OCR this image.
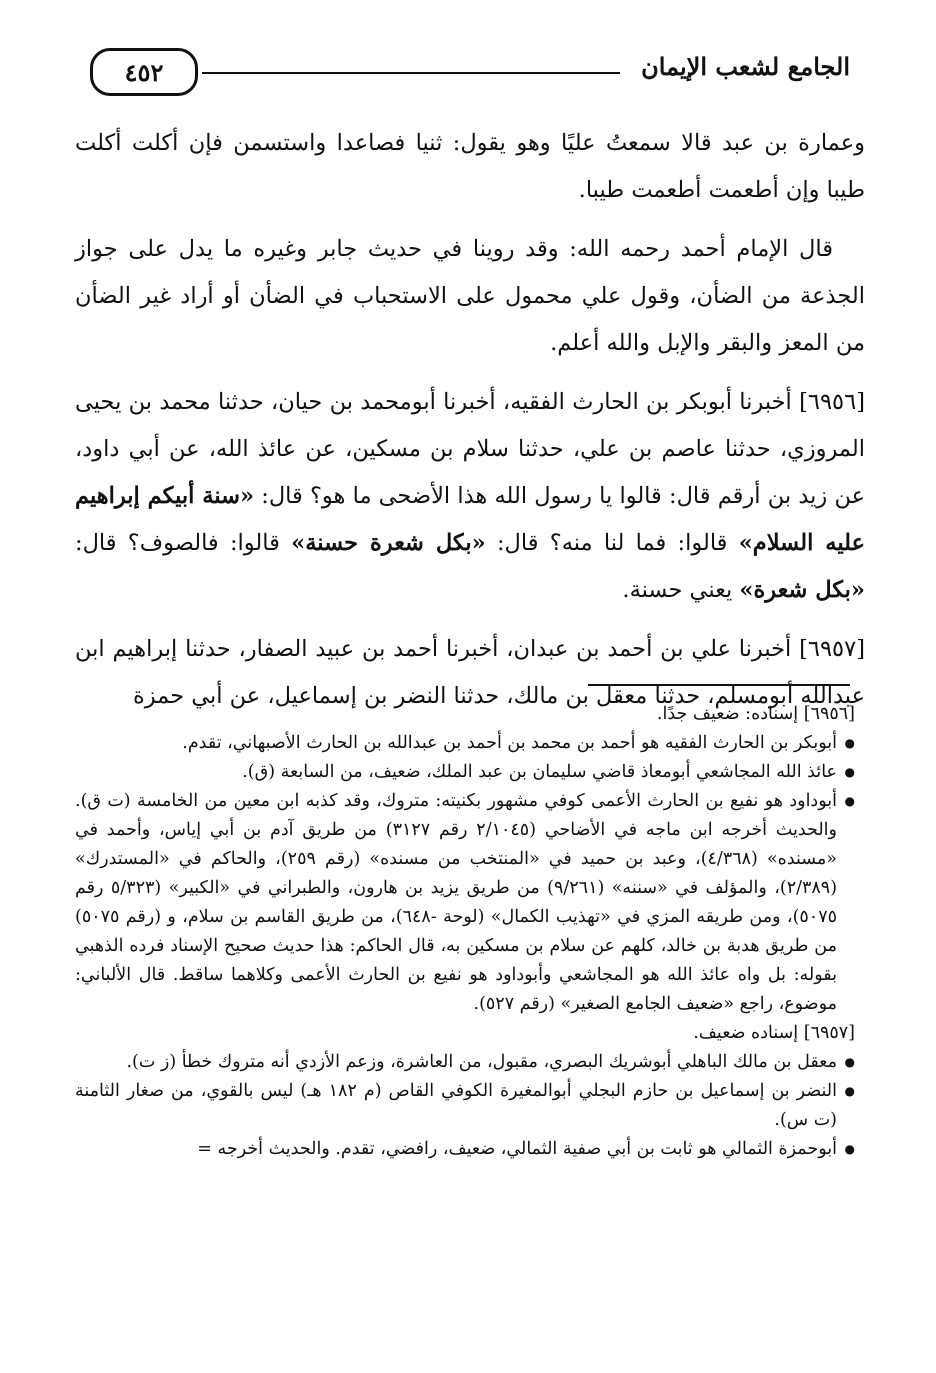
٤٥٢	الجامع لشعب الإيمان

وعمارة بن عبد قالا سمعتُ عليًا وهو يقول: ثنيا فصاعدا واستسمن فإن أكلت أكلت طيبا وإن أطعمت أطعمت طيبا.

قال الإمام أحمد رحمه الله: وقد روينا في حديث جابر وغيره ما يدل على جواز الجذعة من الضأن، وقول علي محمول على الاستحباب في الضأن أو أراد غير الضأن من المعز والبقر والإبل والله أعلم.

[٦٩٥٦] أخبرنا أبوبكر بن الحارث الفقيه، أخبرنا أبومحمد بن حيان، حدثنا محمد بن يحيى المروزي، حدثنا عاصم بن علي، حدثنا سلام بن مسكين، عن عائذ الله، عن أبي داود، عن زيد بن أرقم قال: قالوا يا رسول الله هذا الأضحى ما هو؟ قال: «سنة أبيكم إبراهيم عليه السلام» قالوا: فما لنا منه؟ قال: «بكل شعرة حسنة» قالوا: فالصوف؟ قال: «بكل شعرة» يعني حسنة.

[٦٩٥٧] أخبرنا علي بن أحمد بن عبدان، أخبرنا أحمد بن عبيد الصفار، حدثنا إبراهيم ابن عبدالله أبومسلم، حدثنا معقل بن مالك، حدثنا النضر بن إسماعيل، عن أبي حمزة

[٦٩٥٦] إسناده: ضعيف جدًا.

● أبوبكر بن الحارث الفقيه هو أحمد بن محمد بن أحمد بن عبدالله بن الحارث الأصبهاني، تقدم.

● عائذ الله المجاشعي أبومعاذ قاضي سليمان بن عبد الملك، ضعيف، من السابعة (ق).

● أبوداود هو نفيع بن الحارث الأعمى كوفي مشهور بكنيته: متروك، وقد كذبه ابن معين من الخامسة (ت ق). والحديث أخرجه ابن ماجه في الأضاحي (٢/١٠٤٥ رقم ٣١٢٧) من طريق آدم بن أبي إياس، وأحمد في «مسنده» (٤/٣٦٨)، وعبد بن حميد في «المنتخب من مسنده» (رقم ٢٥٩)، والحاكم في «المستدرك» (٢/٣٨٩)، والمؤلف في «سننه» (٩/٢٦١) من طريق يزيد بن هارون، والطبراني في «الكبير» (٥/٣٢٣ رقم ٥٠٧٥)، ومن طريقه المزي في «تهذيب الكمال» (لوحة -٦٤٨)، من طريق القاسم بن سلام، و (رقم ٥٠٧٥) من طريق هدبة بن خالد، كلهم عن سلام بن مسكين به، قال الحاكم: هذا حديث صحيح الإسناد فرده الذهبي بقوله: بل واه عائذ الله هو المجاشعي وأبوداود هو نفيع بن الحارث الأعمى وكلاهما ساقط. قال الألباني: موضوع، راجع «ضعيف الجامع الصغير» (رقم ٥٢٧).

[٦٩٥٧] إسناده ضعيف.

● معقل بن مالك الباهلي أبوشريك البصري، مقبول، من العاشرة، وزعم الأزدي أنه متروك خطأ (ز ت).

● النضر بن إسماعيل بن حازم البجلي أبوالمغيرة الكوفي القاص (م ١٨٢ هـ) ليس بالقوي، من صغار الثامنة (ت س).

● أبوحمزة الثمالي هو ثابت بن أبي صفية الثمالي، ضعيف، رافضي، تقدم. والحديث أخرجه =
